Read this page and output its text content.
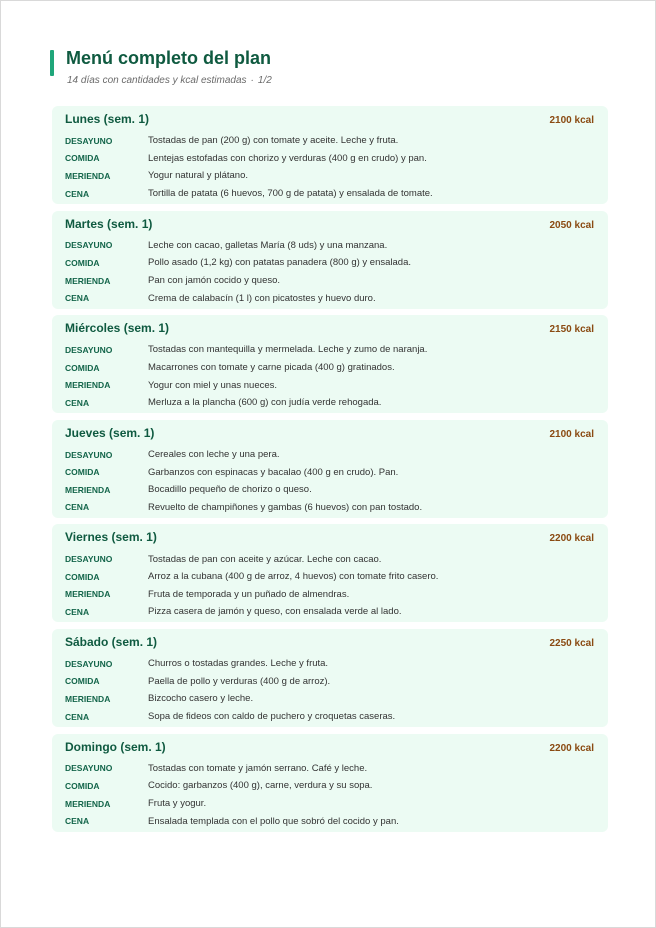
Menú completo del plan
14 días con cantidades y kcal estimadas · 1/2
Lunes (sem. 1)	2100 kcal
DESAYUNO	Tostadas de pan (200 g) con tomate y aceite. Leche y fruta.
COMIDA	Lentejas estofadas con chorizo y verduras (400 g en crudo) y pan.
MERIENDA	Yogur natural y plátano.
CENA	Tortilla de patata (6 huevos, 700 g de patata) y ensalada de tomate.
Martes (sem. 1)	2050 kcal
DESAYUNO	Leche con cacao, galletas María (8 uds) y una manzana.
COMIDA	Pollo asado (1,2 kg) con patatas panadera (800 g) y ensalada.
MERIENDA	Pan con jamón cocido y queso.
CENA	Crema de calabacín (1 l) con picatostes y huevo duro.
Miércoles (sem. 1)	2150 kcal
DESAYUNO	Tostadas con mantequilla y mermelada. Leche y zumo de naranja.
COMIDA	Macarrones con tomate y carne picada (400 g) gratinados.
MERIENDA	Yogur con miel y unas nueces.
CENA	Merluza a la plancha (600 g) con judía verde rehogada.
Jueves (sem. 1)	2100 kcal
DESAYUNO	Cereales con leche y una pera.
COMIDA	Garbanzos con espinacas y bacalao (400 g en crudo). Pan.
MERIENDA	Bocadillo pequeño de chorizo o queso.
CENA	Revuelto de champiñones y gambas (6 huevos) con pan tostado.
Viernes (sem. 1)	2200 kcal
DESAYUNO	Tostadas de pan con aceite y azúcar. Leche con cacao.
COMIDA	Arroz a la cubana (400 g de arroz, 4 huevos) con tomate frito casero.
MERIENDA	Fruta de temporada y un puñado de almendras.
CENA	Pizza casera de jamón y queso, con ensalada verde al lado.
Sábado (sem. 1)	2250 kcal
DESAYUNO	Churros o tostadas grandes. Leche y fruta.
COMIDA	Paella de pollo y verduras (400 g de arroz).
MERIENDA	Bizcocho casero y leche.
CENA	Sopa de fideos con caldo de puchero y croquetas caseras.
Domingo (sem. 1)	2200 kcal
DESAYUNO	Tostadas con tomate y jamón serrano. Café y leche.
COMIDA	Cocido: garbanzos (400 g), carne, verdura y su sopa.
MERIENDA	Fruta y yogur.
CENA	Ensalada templada con el pollo que sobró del cocido y pan.
